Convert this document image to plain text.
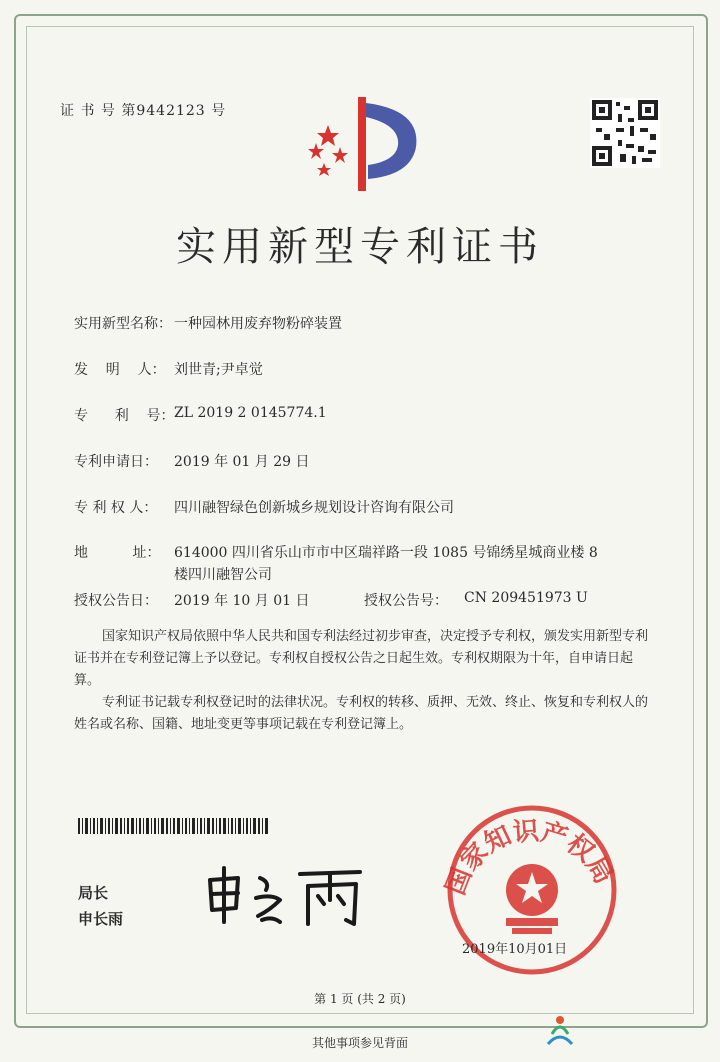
证 书 号 第9442123 号
实用新型专利证书
实用新型名称： 一种园林用废弃物粉碎装置
发    明    人： 刘世青;尹卓觉
专      利    号： ZL 2019 2 0145774.1
专利申请日：	2019 年 01 月 29 日
专 利 权 人：	四川融智绿色创新城乡规划设计咨询有限公司
地          址： 614000 四川省乐山市市中区瑞祥路一段 1085 号锦绣星城商业楼 8 楼四川融智公司
授权公告日：	2019 年 10 月 01 日	授权公告号：	CN 209451973 U
国家知识产权局依照中华人民共和国专利法经过初步审查，决定授予专利权，颁发实用新型专利证书并在专利登记簿上予以登记。专利权自授权公告之日起生效。专利权期限为十年，自申请日起算。
专利证书记载专利权登记时的法律状况。专利权的转移、质押、无效、终止、恢复和专利权人的姓名或名称、国籍、地址变更等事项记载在专利登记簿上。
局长
申长雨
国家知识产权局
2019年10月01日
第 1 页 (共 2 页)
其他事项参见背面
